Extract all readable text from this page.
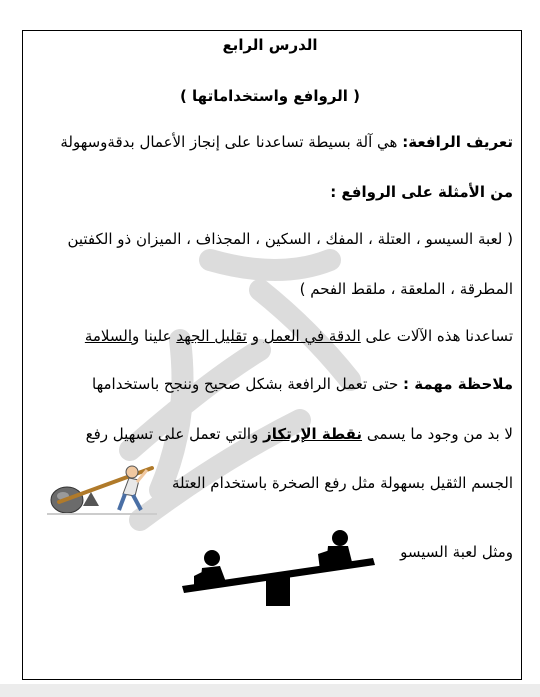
الدرس الرابع
( الروافع واستخداماتها )
تعريف الرافعة: هي آلة بسيطة تساعدنا على إنجاز الأعمال بدقةوسهولة
من الأمثلة على الروافع :
( لعبة السيسو ، العتلة ، المفك ، السكين ، المجذاف ، الميزان ذو الكفتين
المطرقة ، الملعقة ، ملقط الفحم )
تساعدنا هذه الآلات على الدقة في العمل و تقليل الجهد علينا والسلامة
ملاحظة مهمة : حتى تعمل الرافعة بشكل صحيح وننجح باستخدامها
لا بد من وجود ما يسمى نقطة الإرتكاز والتي تعمل على تسهيل رفع
الجسم الثقيل بسهولة مثل رفع الصخرة باستخدام العتلة
ومثل لعبة السيسو
